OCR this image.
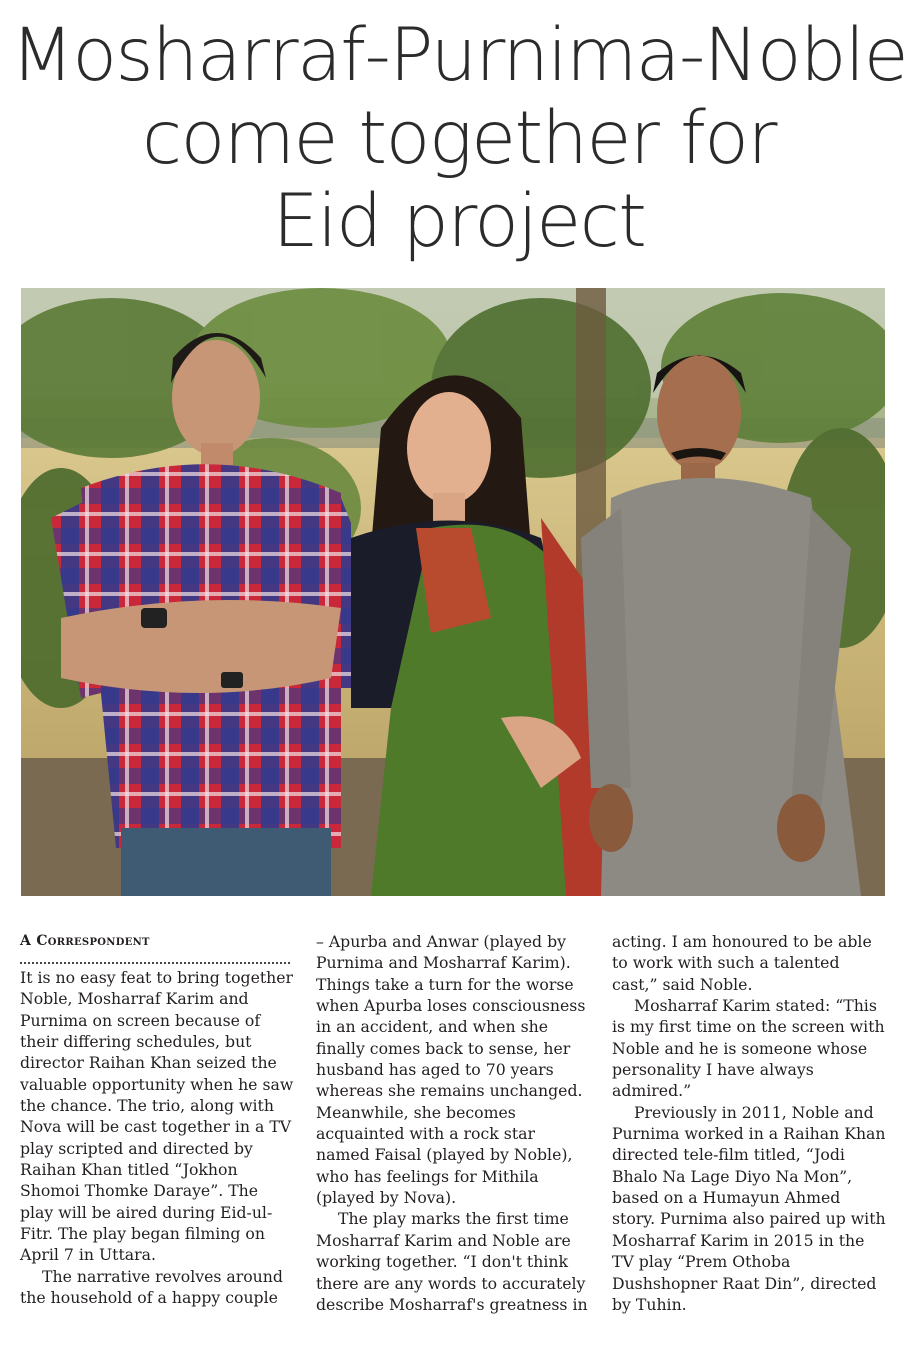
Mosharraf-Purnima-Noble
come together for
Eid project
A Correspondent

It is no easy feat to bring together Noble, Mosharraf Karim and Purnima on screen because of their differing schedules, but director Raihan Khan seized the valuable opportunity when he saw the chance. The trio, along with Nova will be cast together in a TV play scripted and directed by Raihan Khan titled “Jokhon Shomoi Thomke Daraye”. The play will be aired during Eid-ul-Fitr. The play began filming on April 7 in Uttara.

The narrative revolves around the household of a happy couple

– Apurba and Anwar (played by Purnima and Mosharraf Karim). Things take a turn for the worse when Apurba loses consciousness in an accident, and when she finally comes back to sense, her husband has aged to 70 years whereas she remains unchanged. Meanwhile, she becomes acquainted with a rock star named Faisal (played by Noble), who has feelings for Mithila (played by Nova).

The play marks the first time Mosharraf Karim and Noble are working together. “I don't think there are any words to accurately describe Mosharraf's greatness in

acting. I am honoured to be able to work with such a talented cast,” said Noble.

Mosharraf Karim stated: “This is my first time on the screen with Noble and he is someone whose personality I have always admired.”

Previously in 2011, Noble and Purnima worked in a Raihan Khan directed tele-film titled, “Jodi Bhalo Na Lage Diyo Na Mon”, based on a Humayun Ahmed story. Purnima also paired up with Mosharraf Karim in 2015 in the TV play “Prem Othoba Dushshopner Raat Din”, directed by Tuhin.
